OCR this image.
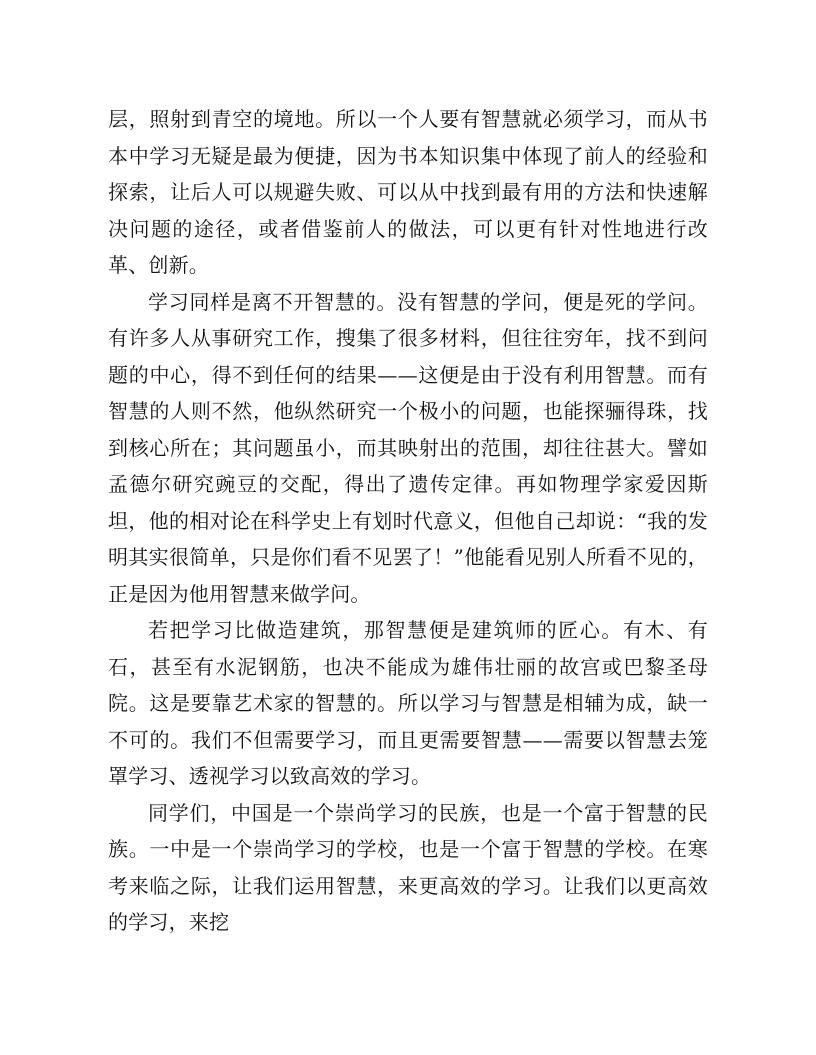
层，照射到青空的境地。所以一个人要有智慧就必须学习，而从书本中学习无疑是最为便捷，因为书本知识集中体现了前人的经验和探索，让后人可以规避失败、可以从中找到最有用的方法和快速解决问题的途径，或者借鉴前人的做法，可以更有针对性地进行改革、创新。

学习同样是离不开智慧的。没有智慧的学问，便是死的学问。有许多人从事研究工作，搜集了很多材料，但往往穷年，找不到问题的中心，得不到任何的结果——这便是由于没有利用智慧。而有智慧的人则不然，他纵然研究一个极小的问题，也能探骊得珠，找到核心所在；其问题虽小，而其映射出的范围，却往往甚大。譬如孟德尔研究豌豆的交配，得出了遗传定律。再如物理学家爱因斯坦，他的相对论在科学史上有划时代意义，但他自己却说：“我的发明其实很简单，只是你们看不见罢了！”他能看见别人所看不见的，正是因为他用智慧来做学问。

若把学习比做造建筑，那智慧便是建筑师的匠心。有木、有石，甚至有水泥钢筋，也决不能成为雄伟壮丽的故宫或巴黎圣母院。这是要靠艺术家的智慧的。所以学习与智慧是相辅为成，缺一不可的。我们不但需要学习，而且更需要智慧——需要以智慧去笼罩学习、透视学习以致高效的学习。

同学们，中国是一个崇尚学习的民族，也是一个富于智慧的民族。一中是一个崇尚学习的学校，也是一个富于智慧的学校。在寒考来临之际，让我们运用智慧，来更高效的学习。让我们以更高效的学习，来挖
